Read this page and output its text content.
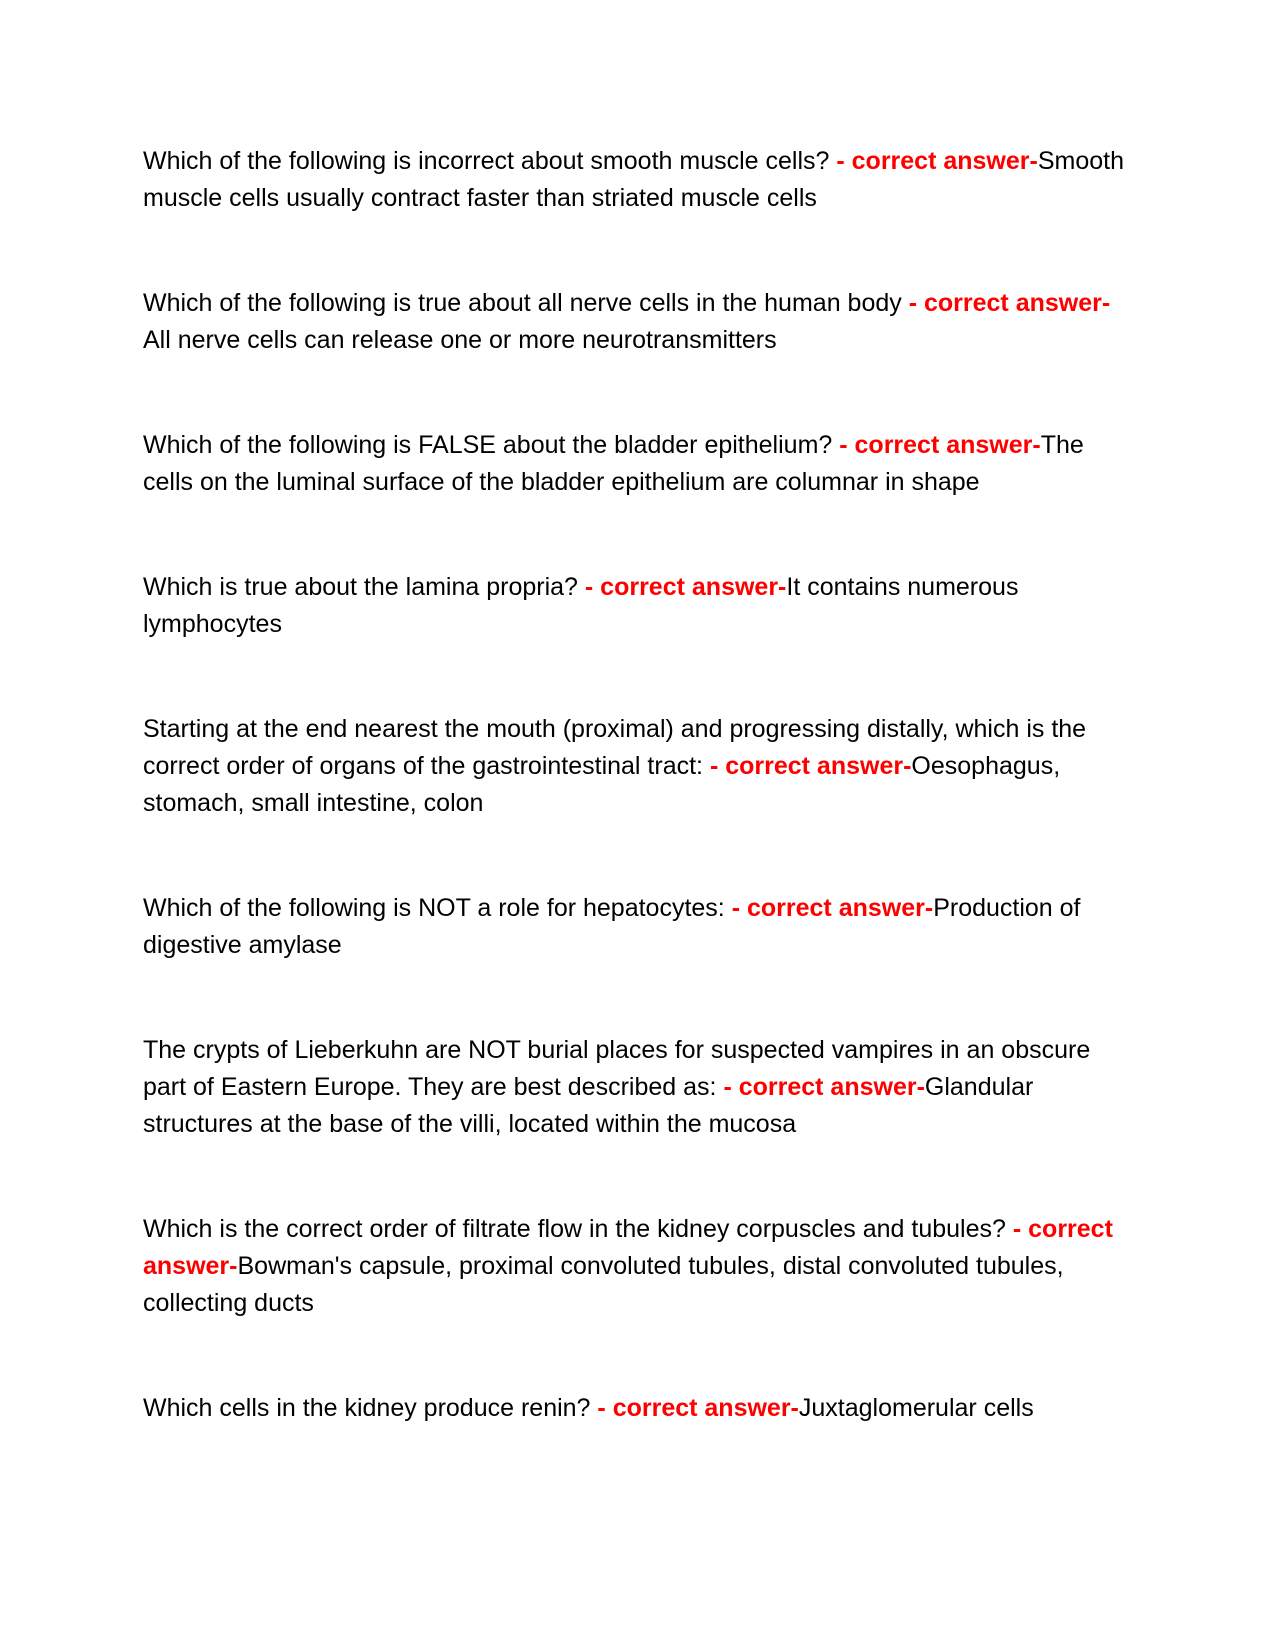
Which of the following is incorrect about smooth muscle cells? - correct answer-Smooth muscle cells usually contract faster than striated muscle cells

Which of the following is true about all nerve cells in the human body - correct answer-All nerve cells can release one or more neurotransmitters

Which of the following is FALSE about the bladder epithelium? - correct answer-The cells on the luminal surface of the bladder epithelium are columnar in shape

Which is true about the lamina propria? - correct answer-It contains numerous lymphocytes

Starting at the end nearest the mouth (proximal) and progressing distally, which is the correct order of organs of the gastrointestinal tract: - correct answer-Oesophagus, stomach, small intestine, colon

Which of the following is NOT a role for hepatocytes: - correct answer-Production of digestive amylase

The crypts of Lieberkuhn are NOT burial places for suspected vampires in an obscure part of Eastern Europe. They are best described as: - correct answer-Glandular structures at the base of the villi, located within the mucosa

Which is the correct order of filtrate flow in the kidney corpuscles and tubules? - correct answer-Bowman's capsule, proximal convoluted tubules, distal convoluted tubules, collecting ducts

Which cells in the kidney produce renin? - correct answer-Juxtaglomerular cells
